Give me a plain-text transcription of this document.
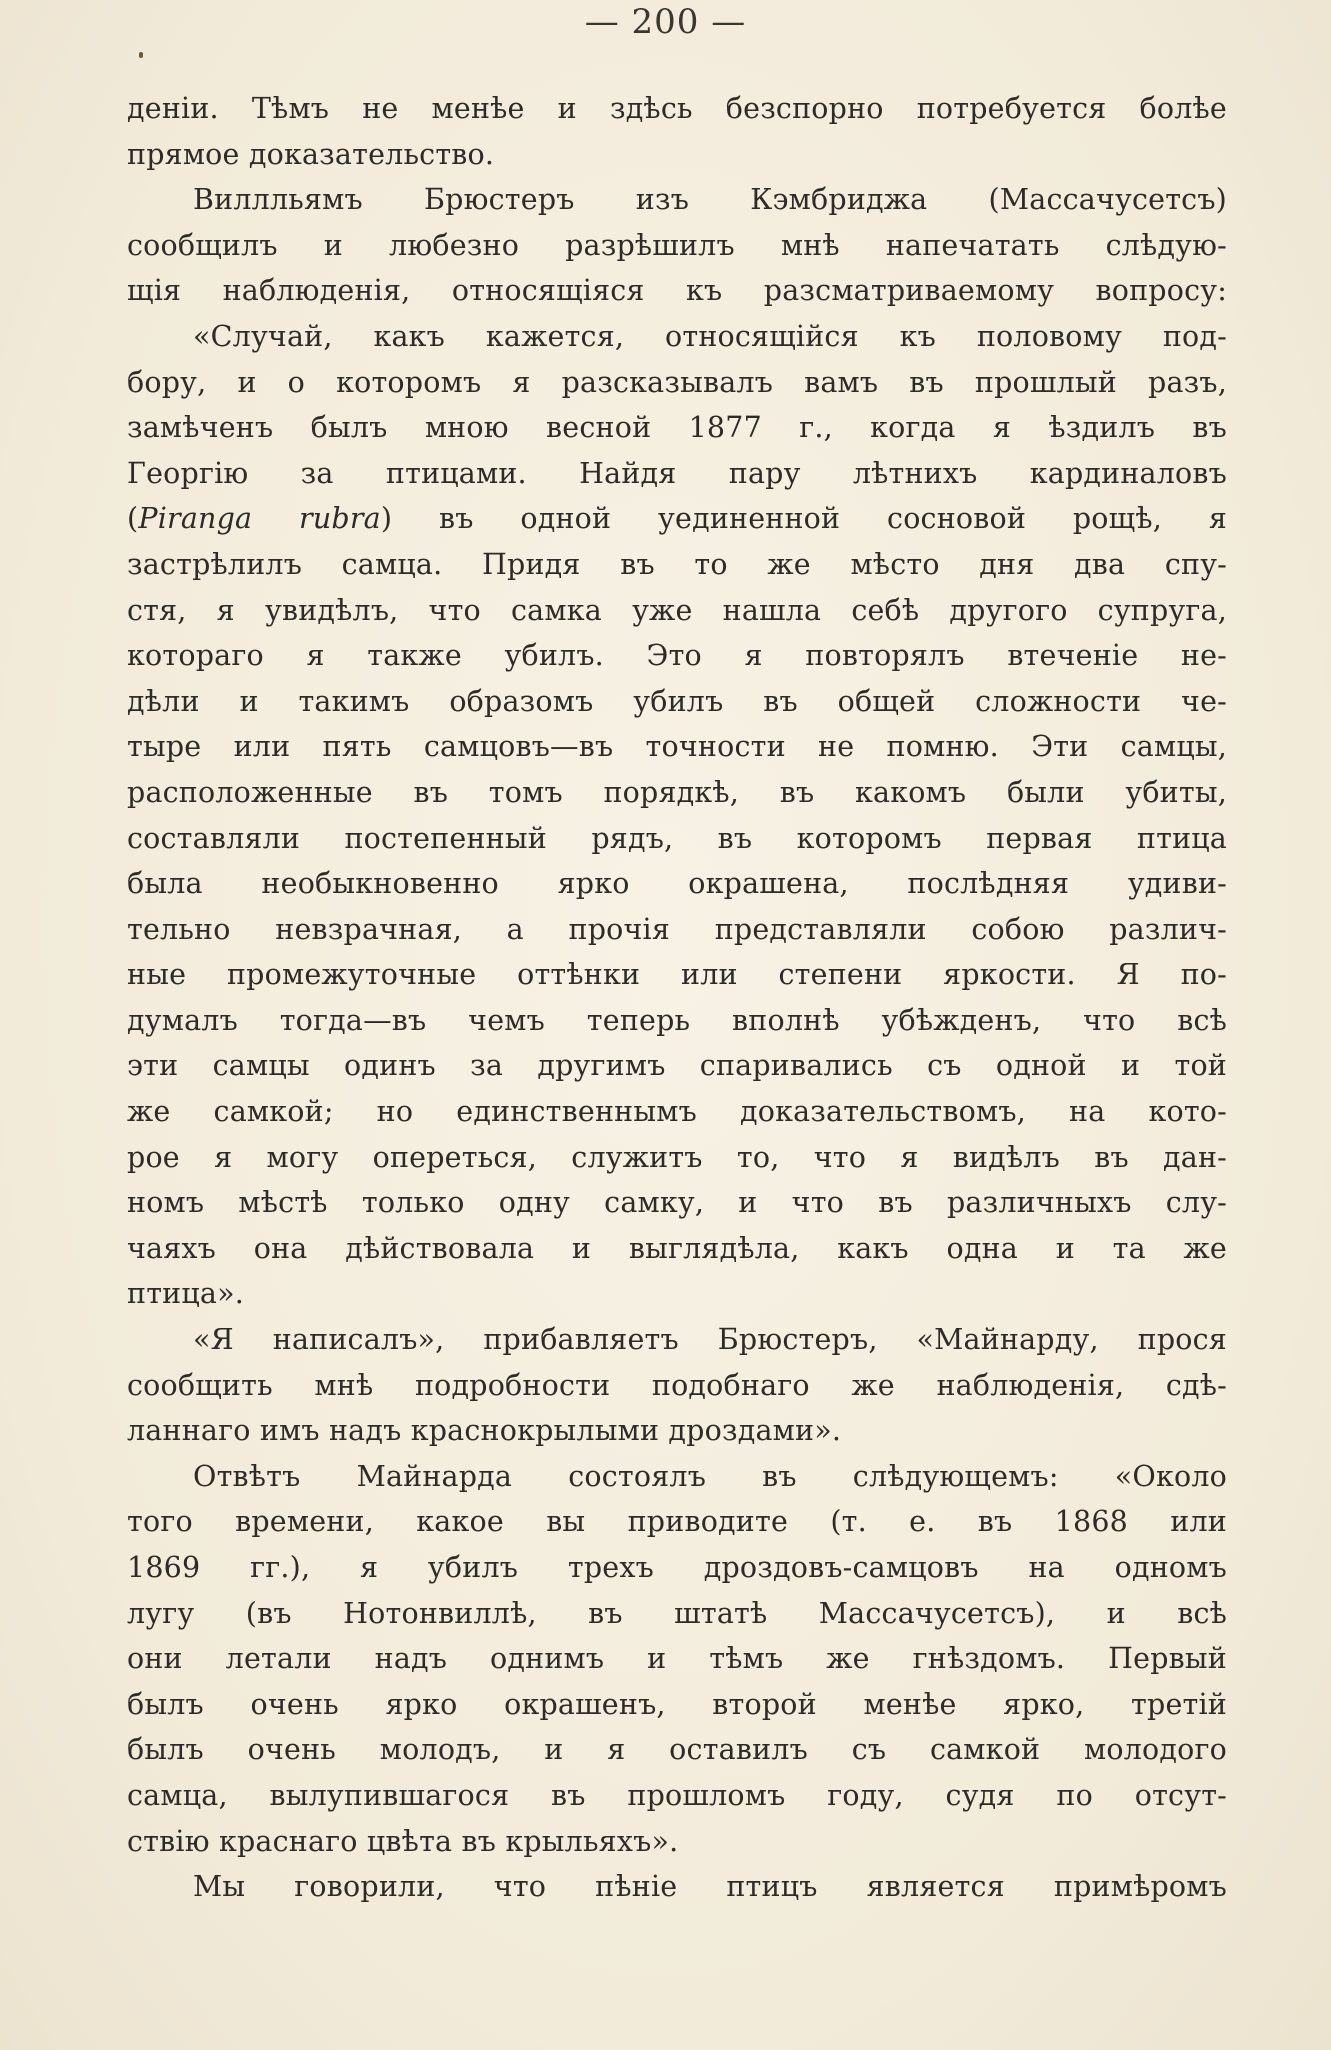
— 200 —
деніи. Тѣмъ не менѣе и здѣсь безспорно потребуется болѣе
прямое доказательство.
Виллльямъ Брюстеръ изъ Кэмбриджа (Массачусетсъ)
сообщилъ и любезно разрѣшилъ мнѣ напечатать слѣдую-
щія наблюденія, относящіяся къ разсматриваемому вопросу:
«Случай, какъ кажется, относящійся къ половому под-
бору, и о которомъ я разсказывалъ вамъ въ прошлый разъ,
замѣченъ былъ мною весной 1877 г., когда я ѣздилъ въ
Георгію за птицами. Найдя пару лѣтнихъ кардиналовъ
(Piranga rubra) въ одной уединенной сосновой рощѣ, я
застрѣлилъ самца. Придя въ то же мѣсто дня два спу-
стя, я увидѣлъ, что самка уже нашла себѣ другого супруга,
котораго я также убилъ. Это я повторялъ втеченіе не-
дѣли и такимъ образомъ убилъ въ общей сложности че-
тыре или пять самцовъ—въ точности не помню. Эти самцы,
расположенные въ томъ порядкѣ, въ какомъ были убиты,
составляли постепенный рядъ, въ которомъ первая птица
была необыкновенно ярко окрашена, послѣдняя удиви-
тельно невзрачная, а прочія представляли собою различ-
ные промежуточные оттѣнки или степени яркости. Я по-
думалъ тогда—въ чемъ теперь вполнѣ убѣжденъ, что всѣ
эти самцы одинъ за другимъ спаривались съ одной и той
же самкой; но единственнымъ доказательствомъ, на кото-
рое я могу опереться, служитъ то, что я видѣлъ въ дан-
номъ мѣстѣ только одну самку, и что въ различныхъ слу-
чаяхъ она дѣйствовала и выглядѣла, какъ одна и та же
птица».
«Я написалъ», прибавляетъ Брюстеръ, «Майнарду, прося
сообщить мнѣ подробности подобнаго же наблюденія, сдѣ-
ланнаго имъ надъ краснокрылыми дроздами».
Отвѣтъ Майнарда состоялъ въ слѣдующемъ: «Около
того времени, какое вы приводите (т. е. въ 1868 или
1869 гг.), я убилъ трехъ дроздовъ-самцовъ на одномъ
лугу (въ Нотонвиллѣ, въ штатѣ Массачусетсъ), и всѣ
они летали надъ однимъ и тѣмъ же гнѣздомъ. Первый
былъ очень ярко окрашенъ, второй менѣе ярко, третій
былъ очень молодъ, и я оставилъ съ самкой молодого
самца, вылупившагося въ прошломъ году, судя по отсут-
ствію краснаго цвѣта въ крыльяхъ».
Мы говорили, что пѣніе птицъ является примѣромъ
